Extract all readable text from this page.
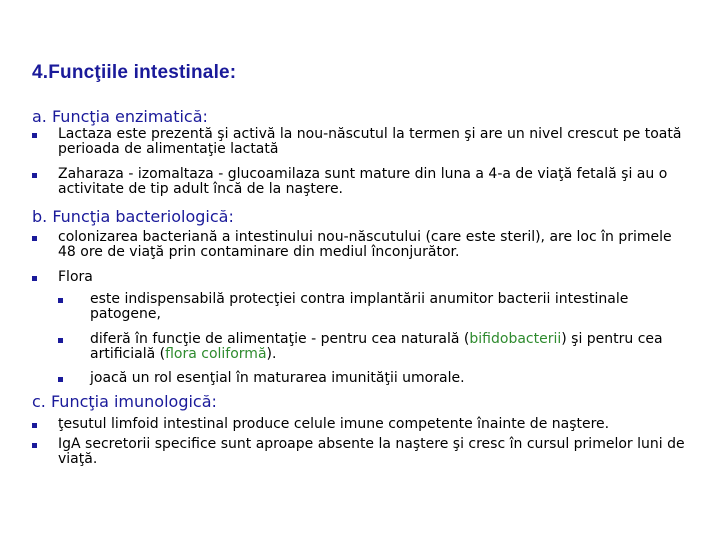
4.Funcţiile intestinale:
a. Funcţia enzimatică:
Lactaza este prezentă şi activă la nou-născutul la termen şi are un nivel crescut pe toată perioada de alimentaţie lactată
Zaharaza - izomaltaza - glucoamilaza sunt mature din luna a 4-a de viaţă fetală şi au o activitate de tip adult încă de la naştere.
b. Funcţia bacteriologică:
colonizarea bacteriană a intestinului nou-născutului (care este steril), are loc în primele 48 ore de viaţă prin contaminare din mediul înconjurător.
Flora
este indispensabilă protecţiei contra implantării anumitor bacterii intestinale patogene,
diferă în funcţie de alimentaţie - pentru cea naturală (bifidobacterii) şi pentru cea artificială (flora coliformă).
joacă un rol esenţial în maturarea imunităţii umorale.
c. Funcţia imunologică:
ţesutul limfoid intestinal produce celule imune competente înainte de naştere.
IgA secretorii specifice sunt aproape absente la naştere şi cresc în cursul primelor luni de viaţă.
